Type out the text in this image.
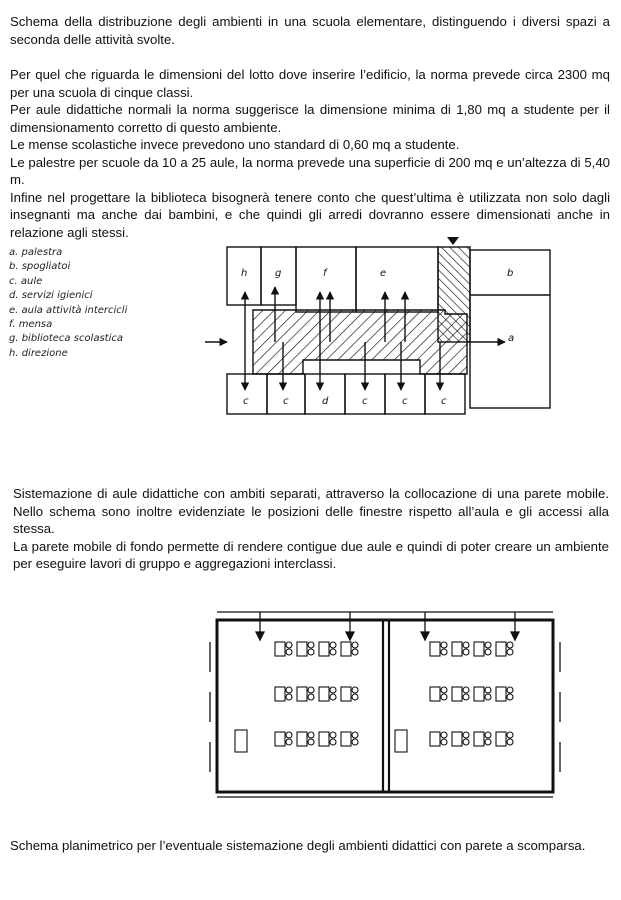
Schema della distribuzione degli ambienti in una scuola elementare, distinguendo i diversi spazi a seconda delle attività svolte.

Per quel che riguarda le dimensioni del lotto dove inserire l’edificio, la norma prevede circa 2300 mq per una scuola di cinque classi.

Per aule didattiche normali la norma suggerisce la dimensione minima di 1,80 mq a studente per il dimensionamento corretto di questo ambiente.

Le mense scolastiche invece prevedono uno standard di 0,60 mq a studente.

Le palestre per scuole da 10 a 25 aule, la norma prevede una superficie di 200 mq e un’altezza di 5,40 m.

Infine nel progettare la biblioteca bisognerà tenere conto che quest’ultima è utilizzata non solo dagli insegnanti ma anche dai bambini, e che quindi gli arredi dovranno essere dimensionati anche in relazione agli stessi.

a. palestra
b. spogliatoi
c. aule
d. servizi igienici
e. aula attività intercicli
f. mensa
g. biblioteca scolastica
h. direzione
h	g	f	e	b
a
c	c	d	c	c	c

Sistemazione di aule didattiche con ambiti separati, attraverso la collocazione di una parete mobile. Nello schema sono inoltre evidenziate le posizioni delle finestre rispetto all’aula e gli accessi alla stessa.

La parete mobile di fondo permette di rendere contigue due aule e quindi di poter creare un ambiente per eseguire lavori di gruppo e aggregazioni interclassi.

Schema planimetrico per l’eventuale sistemazione degli ambienti didattici con parete a scomparsa.
